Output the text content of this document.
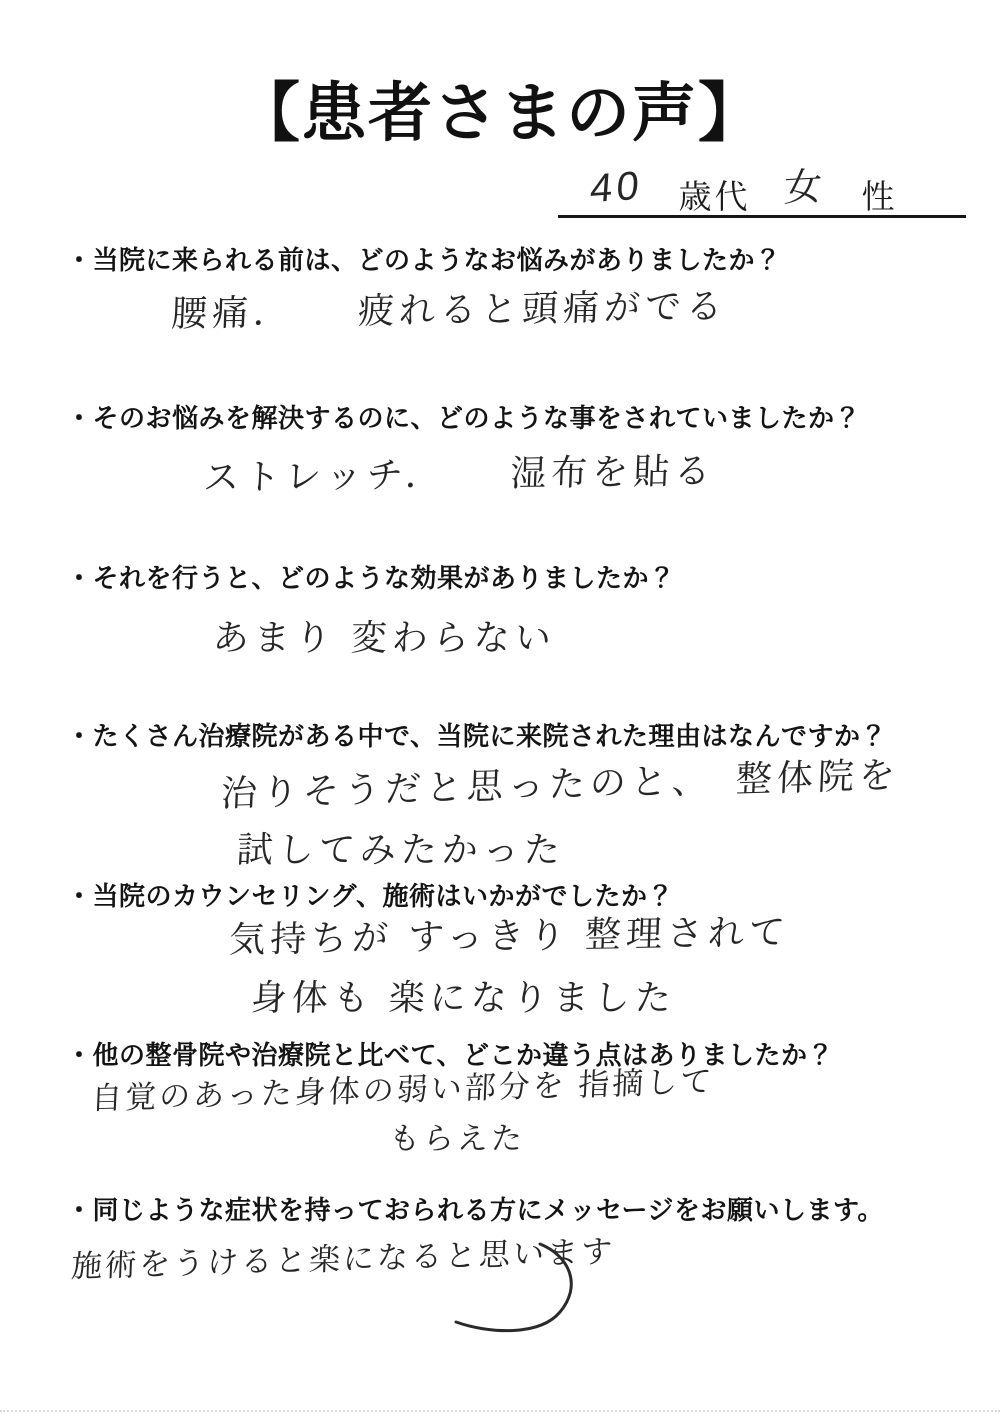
【患者さまの声】
40 歳代 女 性

・当院に来られる前は、どのようなお悩みがありましたか？

腰痛．　　疲れると頭痛がでる

・そのお悩みを解決するのに、どのような事をされていましたか？

ストレッチ．　　湿布を貼る

・それを行うと、どのような効果がありましたか？

あまり 変わらない

・たくさん治療院がある中で、当院に来院された理由はなんですか？

治りそうだと思ったのと、　整体院を

試してみたかった

・当院のカウンセリング、施術はいかがでしたか？

気持ちが すっきり 整理されて

身体も 楽になりました

・他の整骨院や治療院と比べて、どこか違う点はありましたか？

自覚のあった身体の弱い部分を 指摘して

もらえた

・同じような症状を持っておられる方にメッセージをお願いします。

施術をうけると楽になると思います
